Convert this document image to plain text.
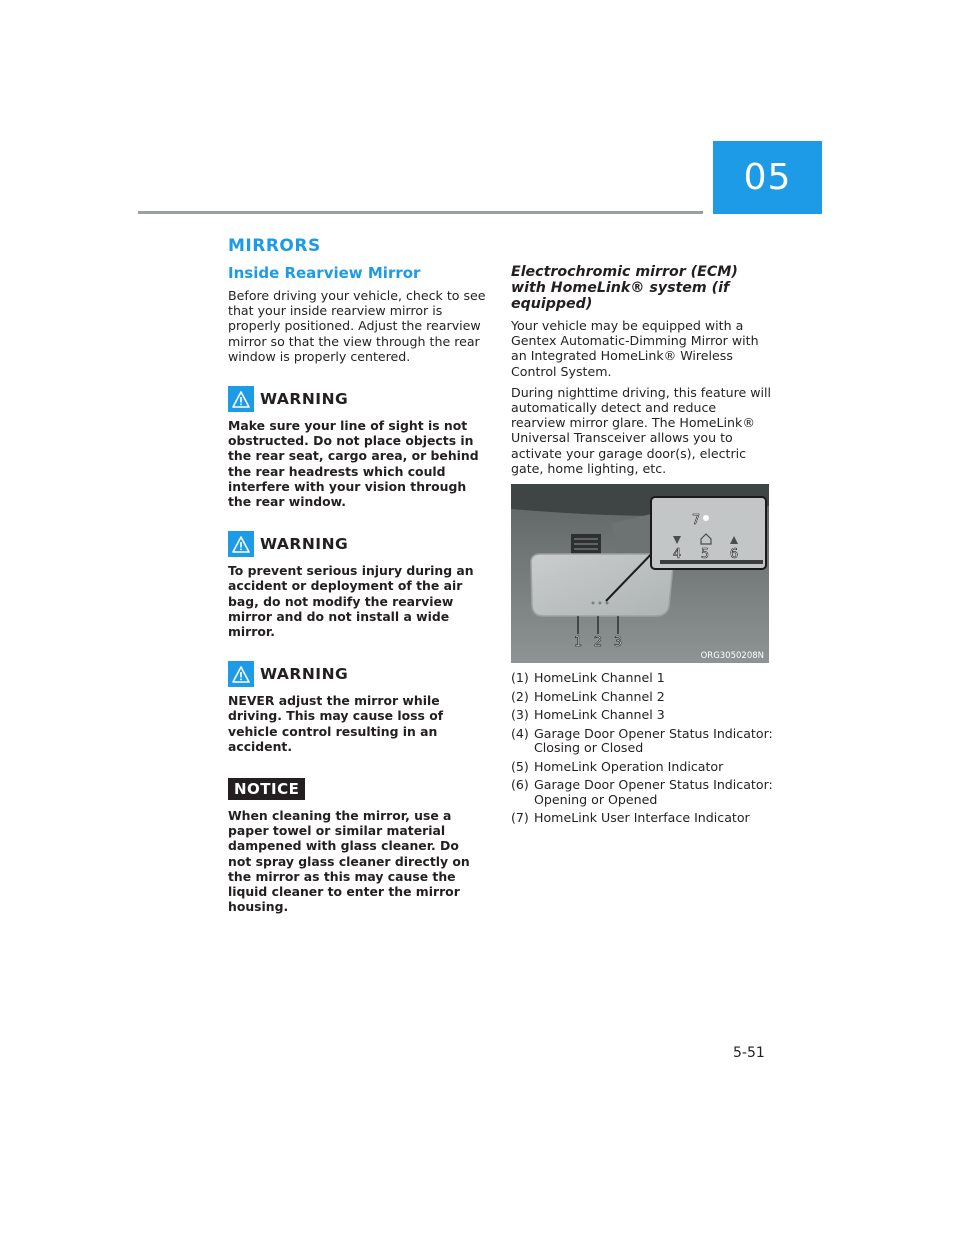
05
MIRRORS
Inside Rearview Mirror

Before driving your vehicle, check to see that your inside rearview mirror is properly positioned. Adjust the rearview mirror so that the view through the rear window is properly centered.

WARNING

Make sure your line of sight is not obstructed. Do not place objects in the rear seat, cargo area, or behind the rear headrests which could interfere with your vision through the rear window.

WARNING

To prevent serious injury during an accident or deployment of the air bag, do not modify the rearview mirror and do not install a wide mirror.

WARNING

NEVER adjust the mirror while driving. This may cause loss of vehicle control resulting in an accident.

NOTICE

When cleaning the mirror, use a paper towel or similar material dampened with glass cleaner. Do not spray glass cleaner directly on the mirror as this may cause the liquid cleaner to enter the mirror housing.

Electrochromic mirror (ECM) with HomeLink® system (if equipped)

Your vehicle may be equipped with a Gentex Automatic-Dimming Mirror with an Integrated HomeLink® Wireless Control System.

During nighttime driving, this feature will automatically detect and reduce rearview mirror glare. The HomeLink® Universal Transceiver allows you to activate your garage door(s), electric gate, home lighting, etc.

1 2 3
4 5 6
7
ORG3050208N
(1) HomeLink Channel 1
(2) HomeLink Channel 2
(3) HomeLink Channel 3
(4) Garage Door Opener Status Indicator: Closing or Closed
(5) HomeLink Operation Indicator
(6) Garage Door Opener Status Indicator: Opening or Opened
(7) HomeLink User Interface Indicator
5-51
